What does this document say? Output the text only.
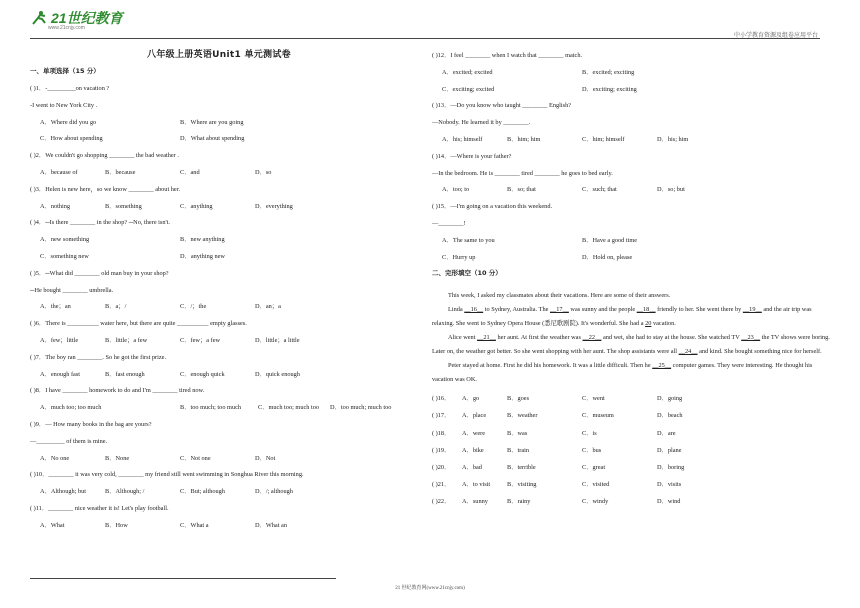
21世纪教育
www.21cnjy.com
中小学教育资源及组卷应用平台
八年级上册英语Unit1 单元测试卷
一、单项选择（15 分）
( )1．-_________on vacation ?
-I went to New York City .
A．Where did you go	B．Where are you going
C．How about spending	D．What about spending
( )2．We couldn't go shopping ________ the bad weather .
A．because of	B．because	C．and	D．so
( )3．Helen is new here，so we know ________ about her.
A．nothing	B．something	C．anything	D．everything
( )4．─Is there ________ in the shop? ─No, there isn't.
A．new something	B．new anything
C．something new	D．anything new
( )5．─What did ________ old man buy in your shop?
─He bought ________ umbrella.
A．the；an	B．a；/	C．/；the	D．an；a
( )6．There is __________ water here, but there are quite __________ empty glasses.
A．few；little	B．little；a few	C．few；a few	D．little；a little
( )7．The boy ran ________. So he got the first prize.
A．enough fast	B．fast enough	C．enough quick	D．quick enough
( )8．I have ________ homework to do and I'm ________ tired now.
A．much too; too much	B．too much; too much	C．much too; much too D．too much; much too
( )9．— How many books in the bag are yours?
—_________ of them is mine.
A．No one	B．None	C．Not one	D．Not
( )10．________ it was very cold, ________ my friend still went swimming in Songhua River this morning.
A．Although; but	B．Although; /	C．But; although	D．/; although
( )11．________ nice weather it is! Let's play football.
A．What	B．How	C．What a	D．What an
( )12．I feel ________ when I watch that ________ match.
A．excited; excited	B．excited; exciting
C．exciting; excited	D．exciting; exciting
( )13．—Do you know who taught ________ English?
—Nobody. He learned it by ________.
A．his; himself	B．him; him	C．him; himself	D．his; him
( )14．—Where is your father?
—In the bedroom. He is ________ tired ________ he goes to bed early.
A．too; to	B．so; that	C．such; that	D．so; but
( )15．—I'm going on a vacation this weekend.
—________!
A．The same to you	B．Have a good time
C．Hurry up	D．Hold on, please
二、完形填空（10 分）
This week, I asked my classmates about their vacations. Here are some of their answers.
Linda __16__ to Sydney, Australia. The __17__ was sunny and the people __18__ friendly to her. She went there by __19__ and the air trip was relaxing. She went to Sydney Opera House (悉尼歌剧院). It's wonderful. She had a 20 vacation.
Alice went __21__ her aunt. At first the weather was __22__ and wet, she had to stay at the house. She watched TV __23__ the TV shows were boring. Later on, the weather got better. So she went shopping with her aunt. The shop assistants were all __24__ and kind. She bought something nice for herself.
Peter stayed at home. First he did his homework. It was a little difficult. Then he __25__ computer games. They were interesting. He thought his vacation was OK.
( )16． A．go	B．goes	C．went	D．going
( )17． A．place	B．weather	C．museum	D．beach
( )18． A．were	B．was	C．is	D．are
( )19． A．bike	B．train	C．bus	D．plane
( )20． A．bad	B．terrible	C．great	D．boring
( )21． A．to visit	B．visiting	C．visited	D．visits
( )22． A．sunny	B．rainy	C．windy	D．wind
21 世纪教育网(www.21cnjy.com)
